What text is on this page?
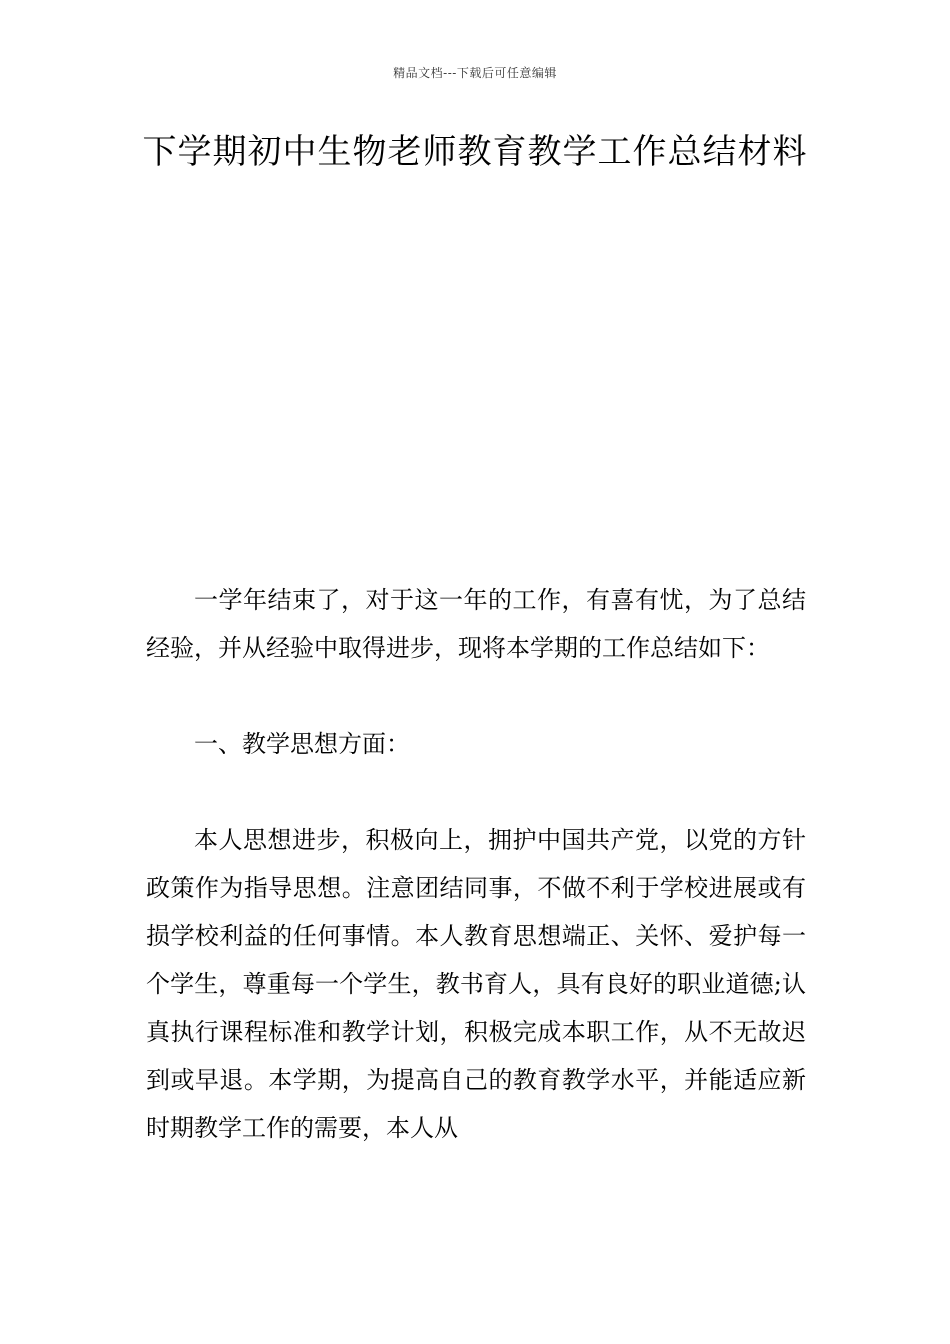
精品文档---下载后可任意编辑
下学期初中生物老师教育教学工作总结材料

一学年结束了，对于这一年的工作，有喜有忧，为了总结经验，并从经验中取得进步，现将本学期的工作总结如下：

一、教学思想方面：

本人思想进步，积极向上，拥护中国共产党，以党的方针政策作为指导思想。注意团结同事，不做不利于学校进展或有损学校利益的任何事情。本人教育思想端正、关怀、爱护每一个学生，尊重每一个学生，教书育人，具有良好的职业道德;认真执行课程标准和教学计划，积极完成本职工作，从不无故迟到或早退。本学期，为提高自己的教育教学水平，并能适应新时期教学工作的需要，本人从
